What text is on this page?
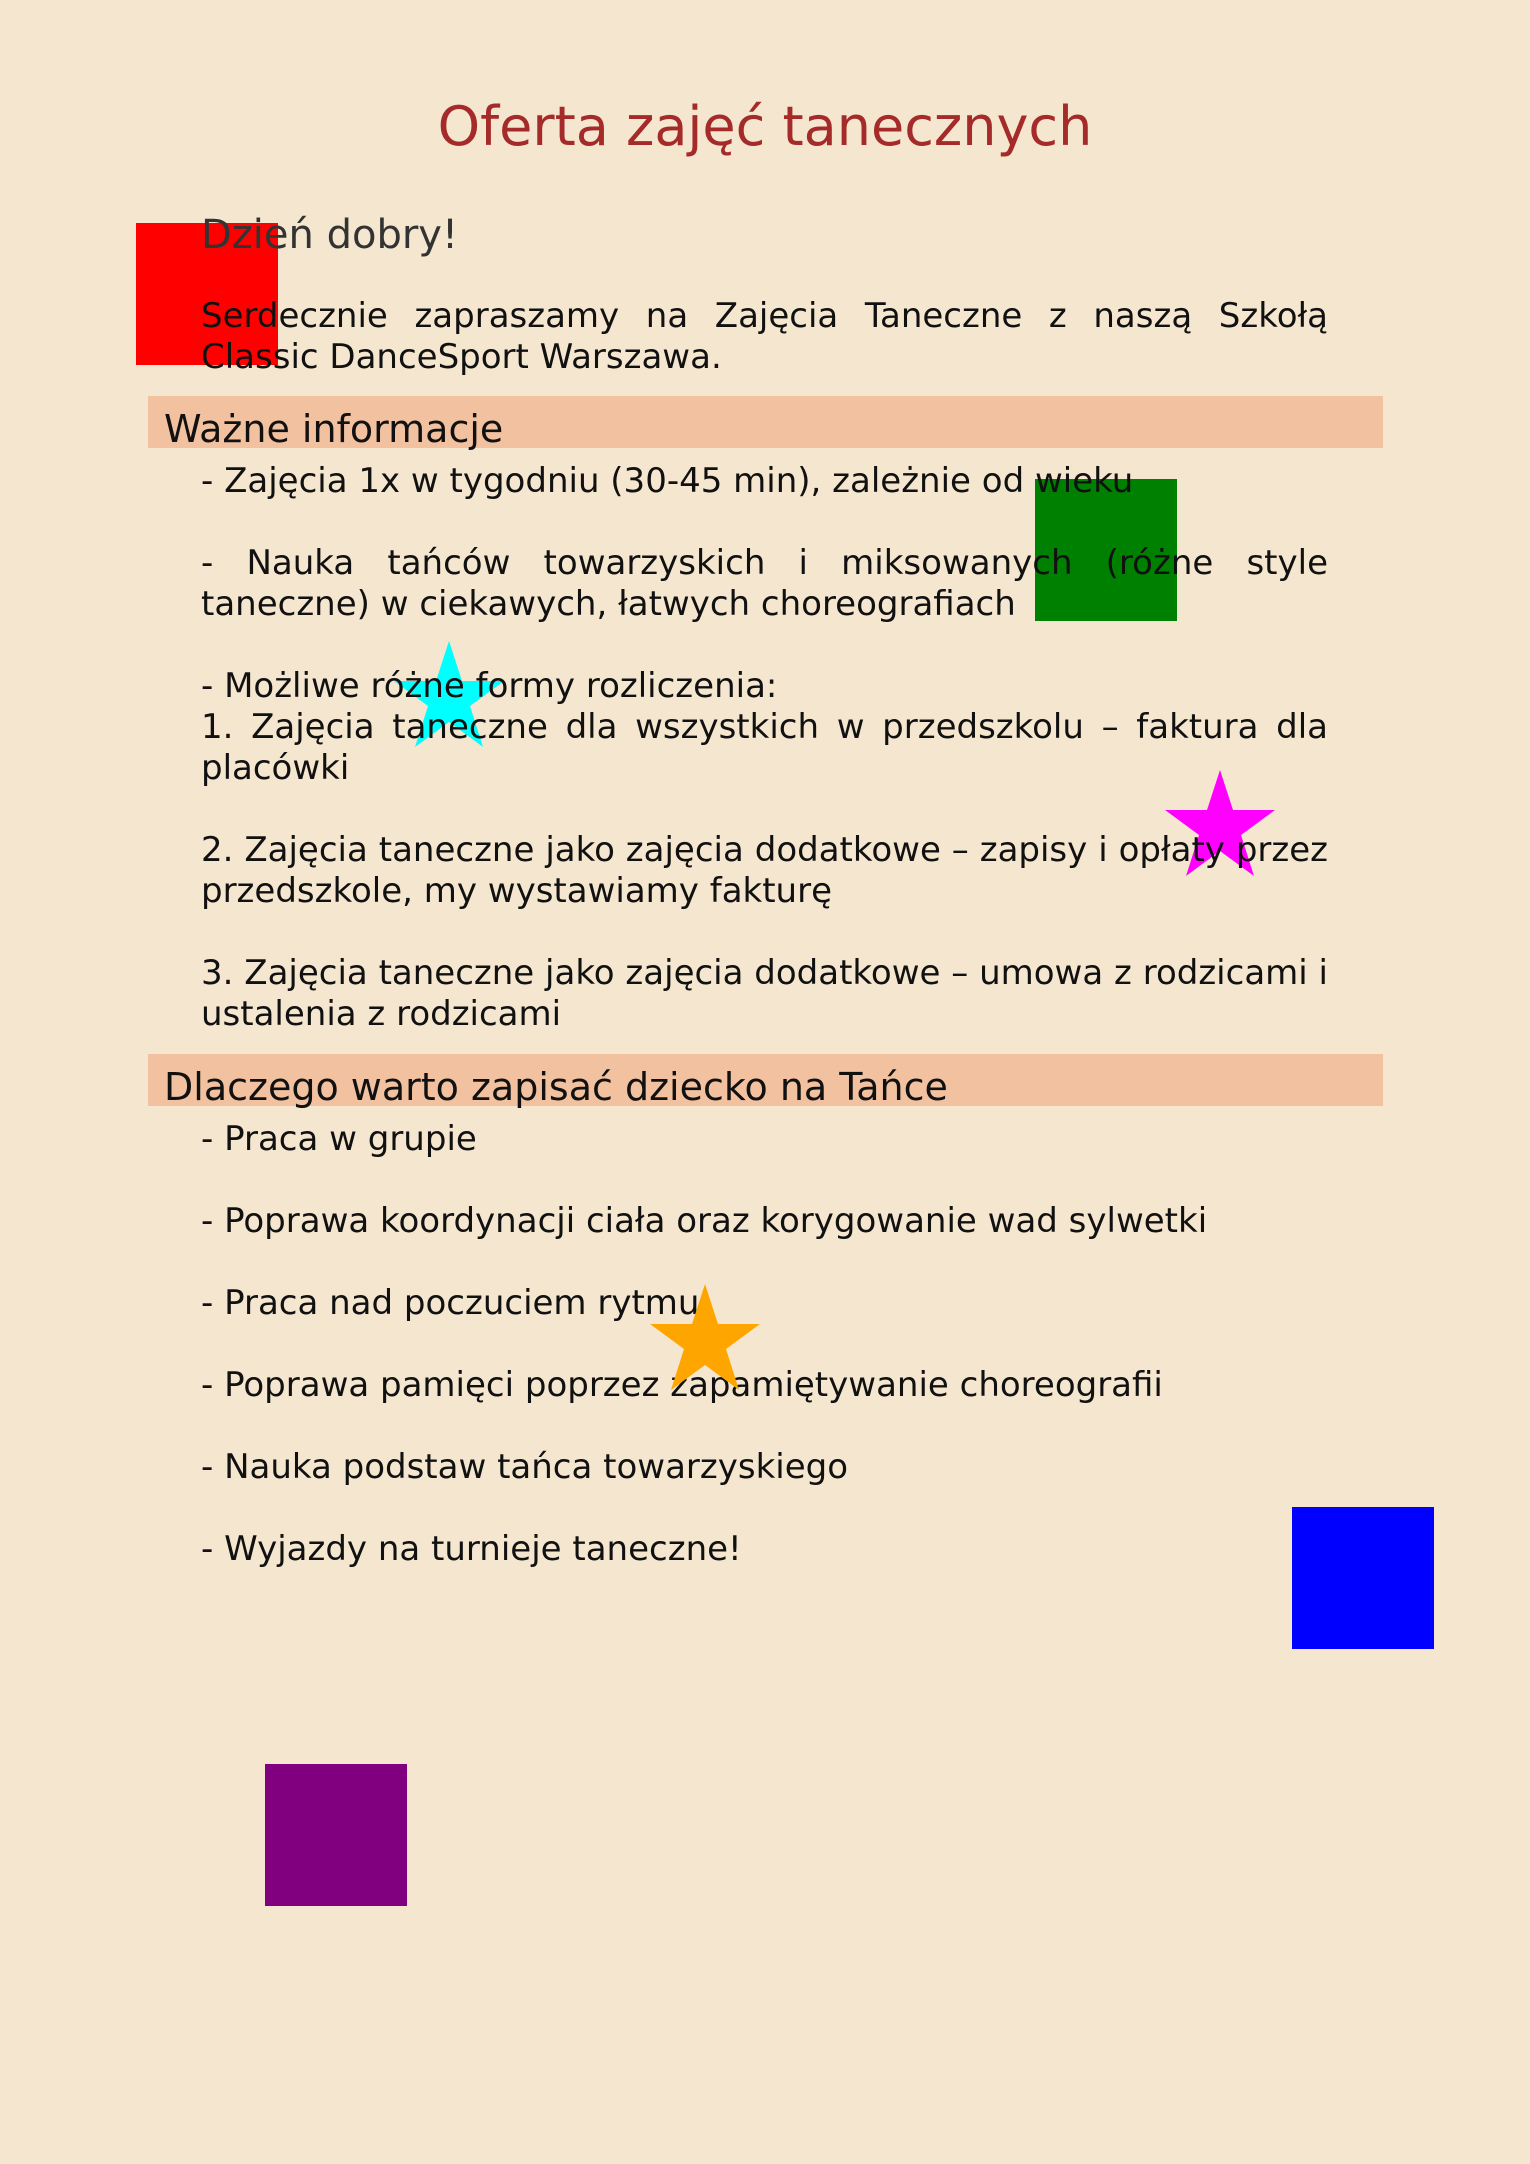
Oferta zajęć tanecznych

Dzień dobry!

Serdecznie zapraszamy na Zajęcia Taneczne z naszą Szkołą Classic DanceSport Warszawa.

Ważne informacje

- Zajęcia 1x w tygodniu (30-45 min), zależnie od wieku

- Nauka tańców towarzyskich i miksowanych (różne style taneczne) w ciekawych, łatwych choreografiach

- Możliwe różne formy rozliczenia:

1. Zajęcia taneczne dla wszystkich w przedszkolu – faktura dla placówki

2. Zajęcia taneczne jako zajęcia dodatkowe – zapisy i opłaty przez przedszkole, my wystawiamy fakturę

3. Zajęcia taneczne jako zajęcia dodatkowe – umowa z rodzicami i ustalenia z rodzicami

Dlaczego warto zapisać dziecko na Tańce

- Praca w grupie

- Poprawa koordynacji ciała oraz korygowanie wad sylwetki

- Praca nad poczuciem rytmu

- Poprawa pamięci poprzez zapamiętywanie choreografii

- Nauka podstaw tańca towarzyskiego

- Wyjazdy na turnieje taneczne!
